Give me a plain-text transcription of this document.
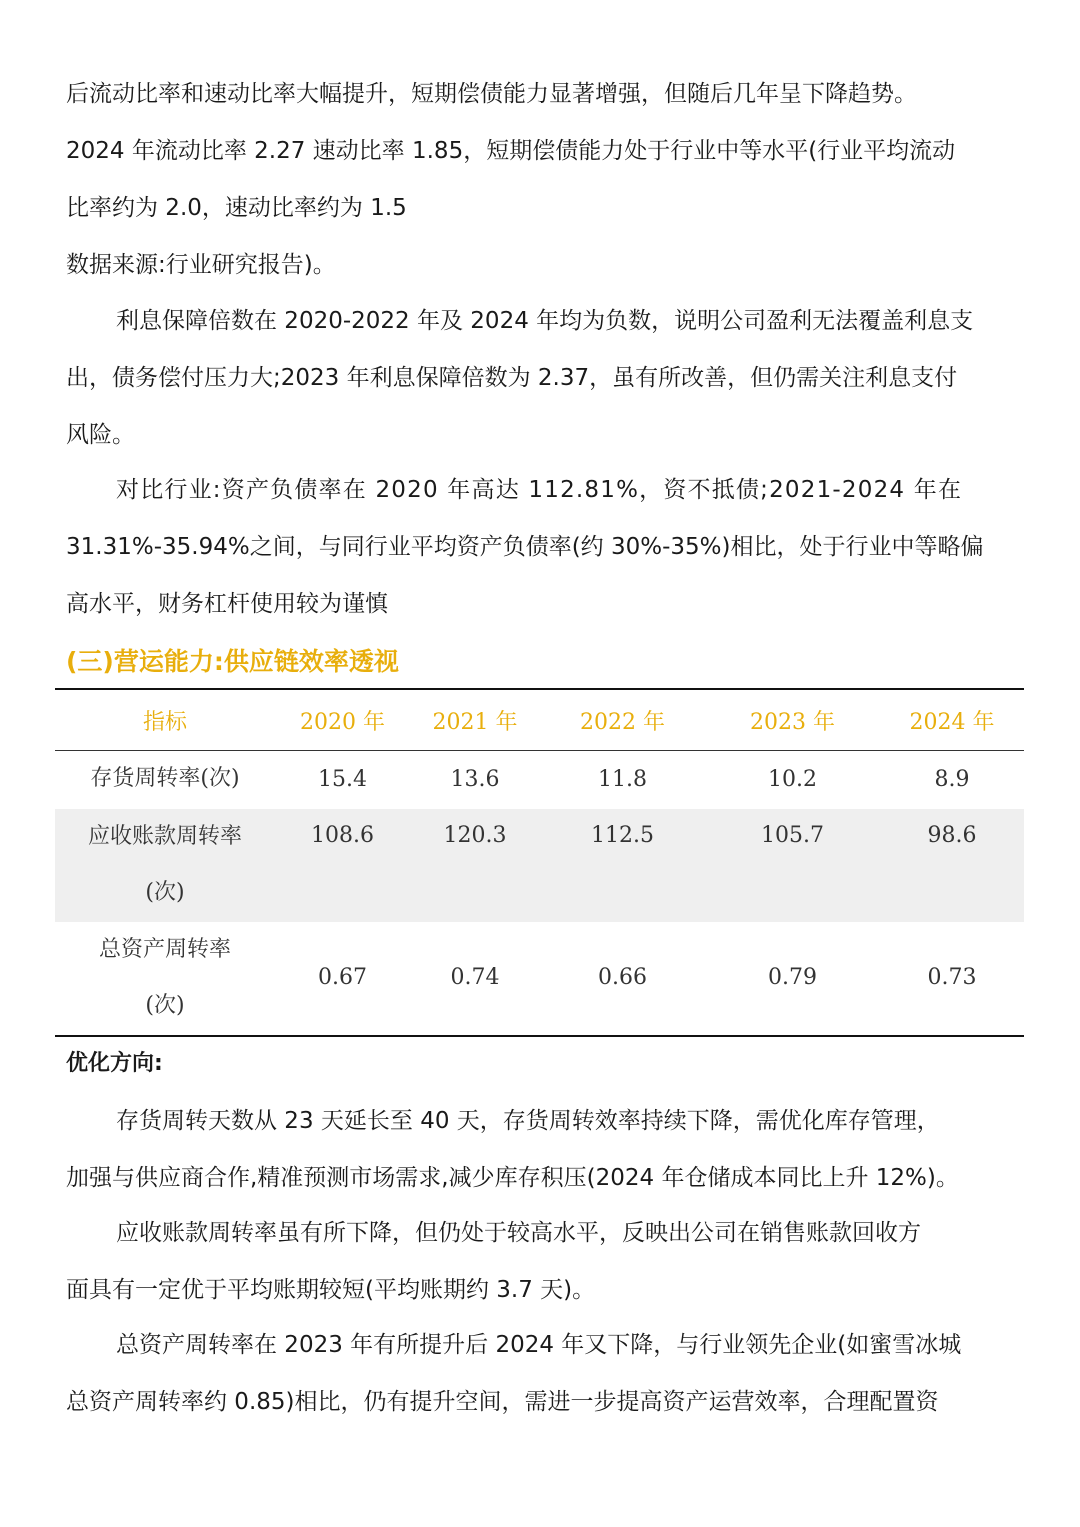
后流动比率和速动比率大幅提升，短期偿债能力显著增强，但随后几年呈下降趋势。
2024 年流动比率 2.27 速动比率 1.85，短期偿债能力处于行业中等水平(行业平均流动
比率约为 2.0，速动比率约为 1.5
数据来源:行业研究报告)。
利息保障倍数在 2020-2022 年及 2024 年均为负数，说明公司盈利无法覆盖利息支
出，债务偿付压力大;2023 年利息保障倍数为 2.37，虽有所改善，但仍需关注利息支付
风险。
对比行业:资产负债率在 2020 年高达 112.81%，资不抵债;2021-2024 年在
31.31%-35.94%之间，与同行业平均资产负债率(约 30%-35%)相比，处于行业中等略偏
高水平，财务杠杆使用较为谨慎
(三)营运能力:供应链效率透视
指标	2020 年	2021 年	2022 年	2023 年	2024 年
存货周转率(次)	15.4	13.6	11.8	10.2	8.9

应收账款周转率
(次)	108.6	120.3	112.5	105.7	98.6

总资产周转率
(次)	0.67	0.74	0.66	0.79	0.73
优化方向:
存货周转天数从 23 天延长至 40 天，存货周转效率持续下降，需优化库存管理，
加强与供应商合作,精准预测市场需求,减少库存积压(2024 年仓储成本同比上升 12%)。
应收账款周转率虽有所下降，但仍处于较高水平，反映出公司在销售账款回收方
面具有一定优于平均账期较短(平均账期约 3.7 天)。
总资产周转率在 2023 年有所提升后 2024 年又下降，与行业领先企业(如蜜雪冰城
总资产周转率约 0.85)相比，仍有提升空间，需进一步提高资产运营效率，合理配置资
